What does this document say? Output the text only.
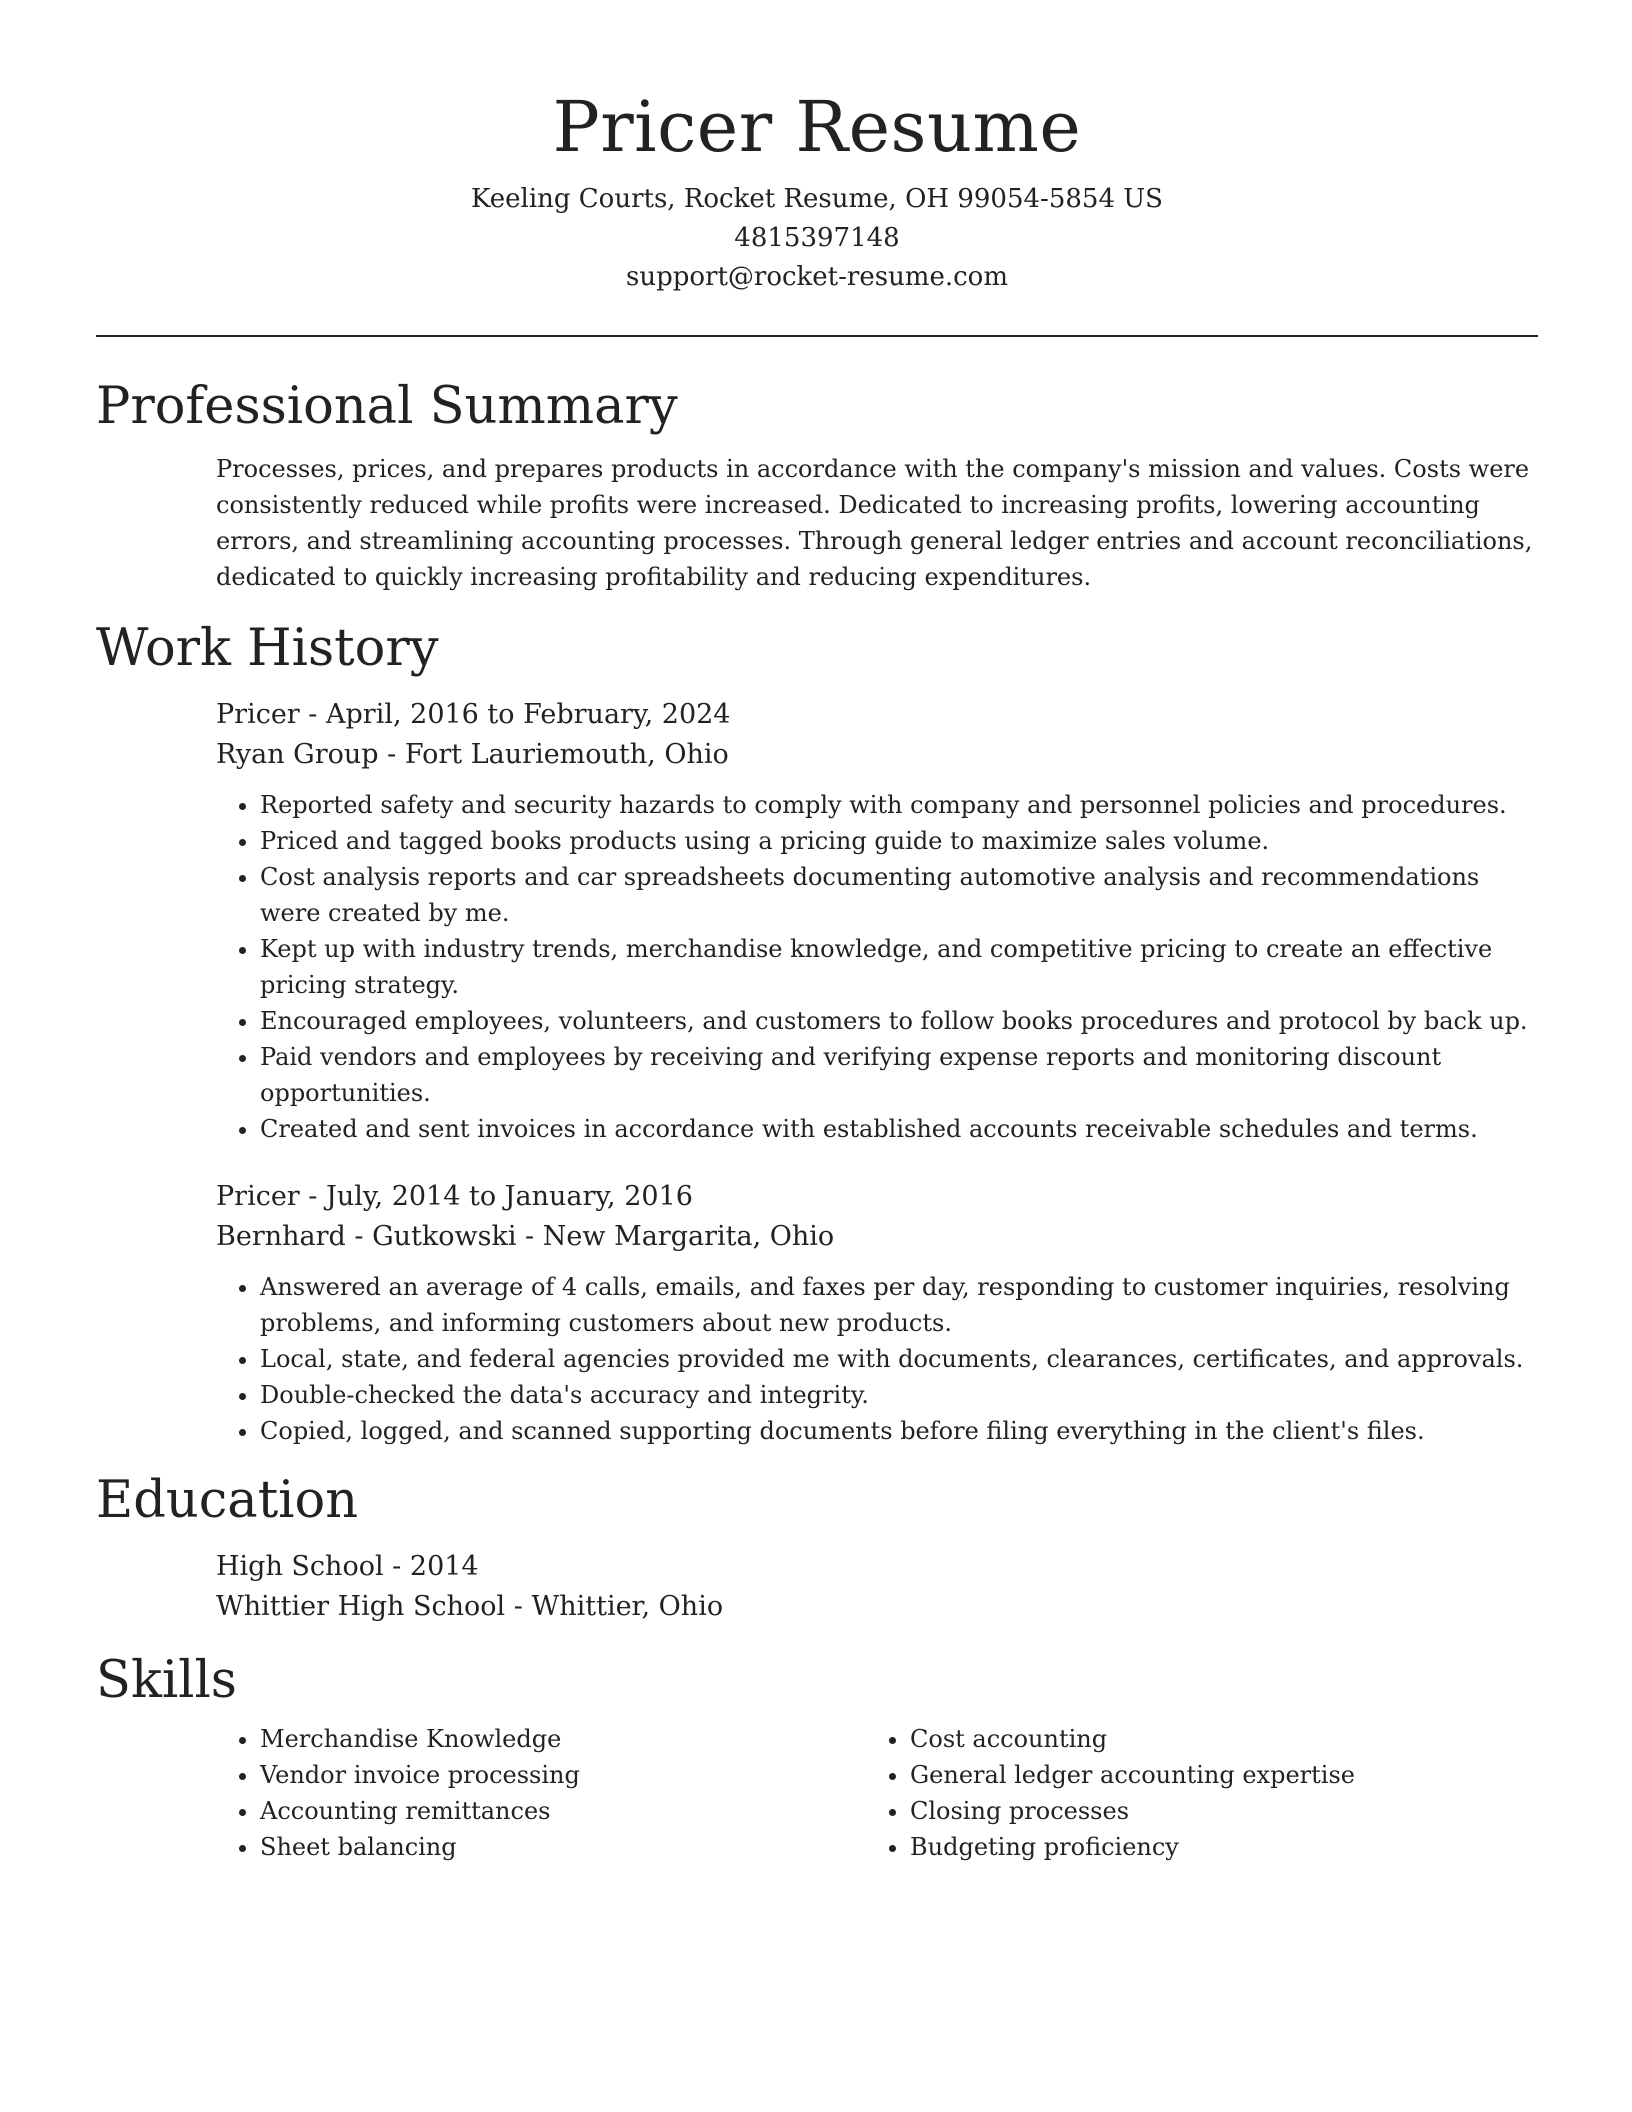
Pricer Resume

Keeling Courts, Rocket Resume, OH 99054-5854 US

4815397148

support@rocket-resume.com

Professional Summary

Processes, prices, and prepares products in accordance with the company's mission and values. Costs were consistently reduced while profits were increased. Dedicated to increasing profits, lowering accounting errors, and streamlining accounting processes. Through general ledger entries and account reconciliations, dedicated to quickly increasing profitability and reducing expenditures.

Work History

Pricer - April, 2016 to February, 2024

Ryan Group - Fort Lauriemouth, Ohio

• Reported safety and security hazards to comply with company and personnel policies and procedures.
• Priced and tagged books products using a pricing guide to maximize sales volume.
• Cost analysis reports and car spreadsheets documenting automotive analysis and recommendations were created by me.
• Kept up with industry trends, merchandise knowledge, and competitive pricing to create an effective pricing strategy.
• Encouraged employees, volunteers, and customers to follow books procedures and protocol by back up.
• Paid vendors and employees by receiving and verifying expense reports and monitoring discount opportunities.
• Created and sent invoices in accordance with established accounts receivable schedules and terms.

Pricer - July, 2014 to January, 2016

Bernhard - Gutkowski - New Margarita, Ohio

• Answered an average of 4 calls, emails, and faxes per day, responding to customer inquiries, resolving problems, and informing customers about new products.
• Local, state, and federal agencies provided me with documents, clearances, certificates, and approvals.
• Double-checked the data's accuracy and integrity.
• Copied, logged, and scanned supporting documents before filing everything in the client's files.
Education

High School - 2014

Whittier High School - Whittier, Ohio

Skills
• Merchandise Knowledge
• Vendor invoice processing
• Accounting remittances
• Sheet balancing
• Cost accounting
• General ledger accounting expertise
• Closing processes
• Budgeting proficiency
